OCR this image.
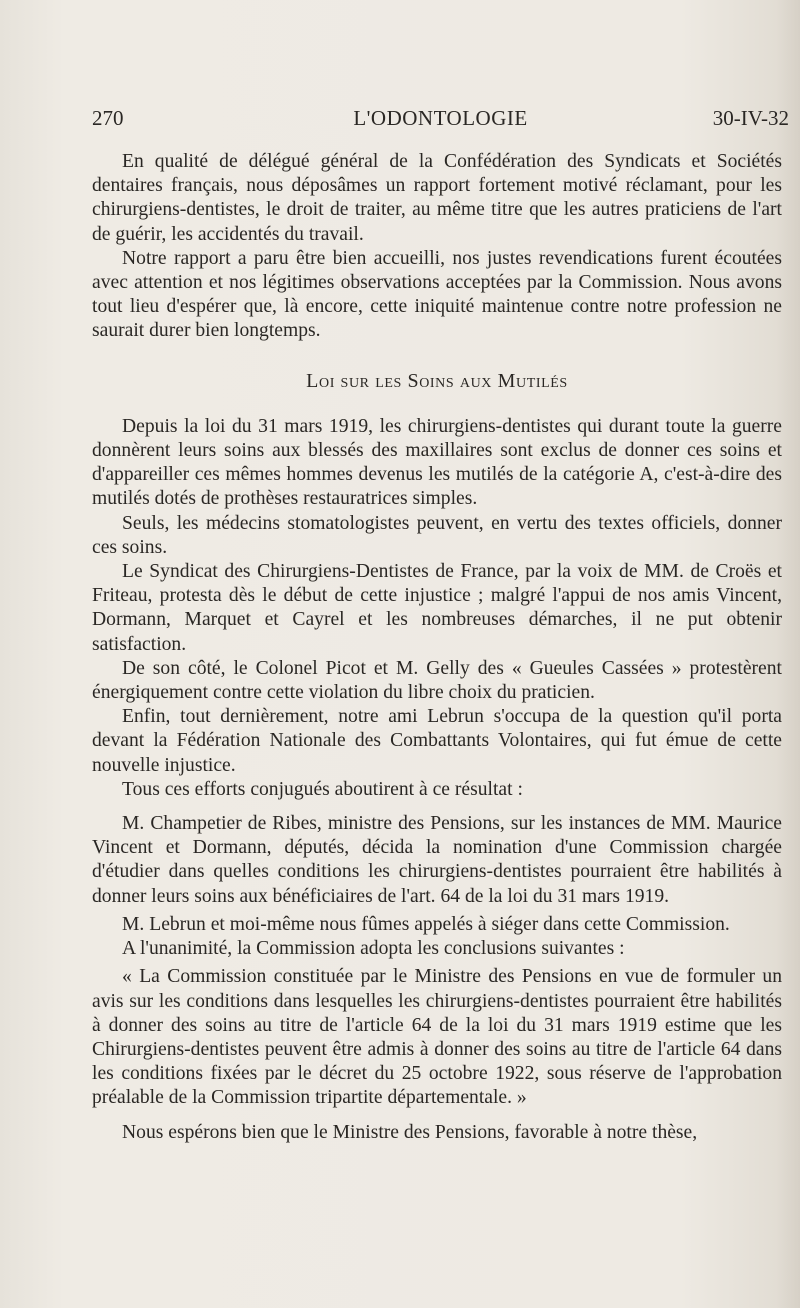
270	L'ODONTOLOGIE	30-IV-32

En qualité de délégué général de la Confédération des Syndicats et Sociétés dentaires français, nous déposâmes un rapport fortement motivé réclamant, pour les chirurgiens-dentistes, le droit de traiter, au même titre que les autres praticiens de l'art de guérir, les accidentés du travail.

Notre rapport a paru être bien accueilli, nos justes revendications furent écoutées avec attention et nos légitimes observations acceptées par la Commission. Nous avons tout lieu d'espérer que, là encore, cette iniquité maintenue contre notre profession ne saurait durer bien longtemps.

Loi sur les Soins aux Mutilés

Depuis la loi du 31 mars 1919, les chirurgiens-dentistes qui durant toute la guerre donnèrent leurs soins aux blessés des maxillaires sont exclus de donner ces soins et d'appareiller ces mêmes hommes devenus les mutilés de la catégorie A, c'est-à-dire des mutilés dotés de prothèses restauratrices simples.

Seuls, les médecins stomatologistes peuvent, en vertu des textes officiels, donner ces soins.

Le Syndicat des Chirurgiens-Dentistes de France, par la voix de MM. de Croës et Friteau, protesta dès le début de cette injustice ; malgré l'appui de nos amis Vincent, Dormann, Marquet et Cayrel et les nombreuses démarches, il ne put obtenir satisfaction.

De son côté, le Colonel Picot et M. Gelly des « Gueules Cassées » protestèrent énergiquement contre cette violation du libre choix du praticien.

Enfin, tout dernièrement, notre ami Lebrun s'occupa de la question qu'il porta devant la Fédération Nationale des Combattants Volontaires, qui fut émue de cette nouvelle injustice.

Tous ces efforts conjugués aboutirent à ce résultat :

M. Champetier de Ribes, ministre des Pensions, sur les instances de MM. Maurice Vincent et Dormann, députés, décida la nomination d'une Commission chargée d'étudier dans quelles conditions les chirurgiens-dentistes pourraient être habilités à donner leurs soins aux bénéficiaires de l'art. 64 de la loi du 31 mars 1919.

M. Lebrun et moi-même nous fûmes appelés à siéger dans cette Commission.

A l'unanimité, la Commission adopta les conclusions suivantes :

« La Commission constituée par le Ministre des Pensions en vue de formuler un avis sur les conditions dans lesquelles les chirurgiens-dentistes pourraient être habilités à donner des soins au titre de l'article 64 de la loi du 31 mars 1919 estime que les Chirurgiens-dentistes peuvent être admis à donner des soins au titre de l'article 64 dans les conditions fixées par le décret du 25 octobre 1922, sous réserve de l'approbation préalable de la Commission tripartite départementale. »

Nous espérons bien que le Ministre des Pensions, favorable à notre thèse,
